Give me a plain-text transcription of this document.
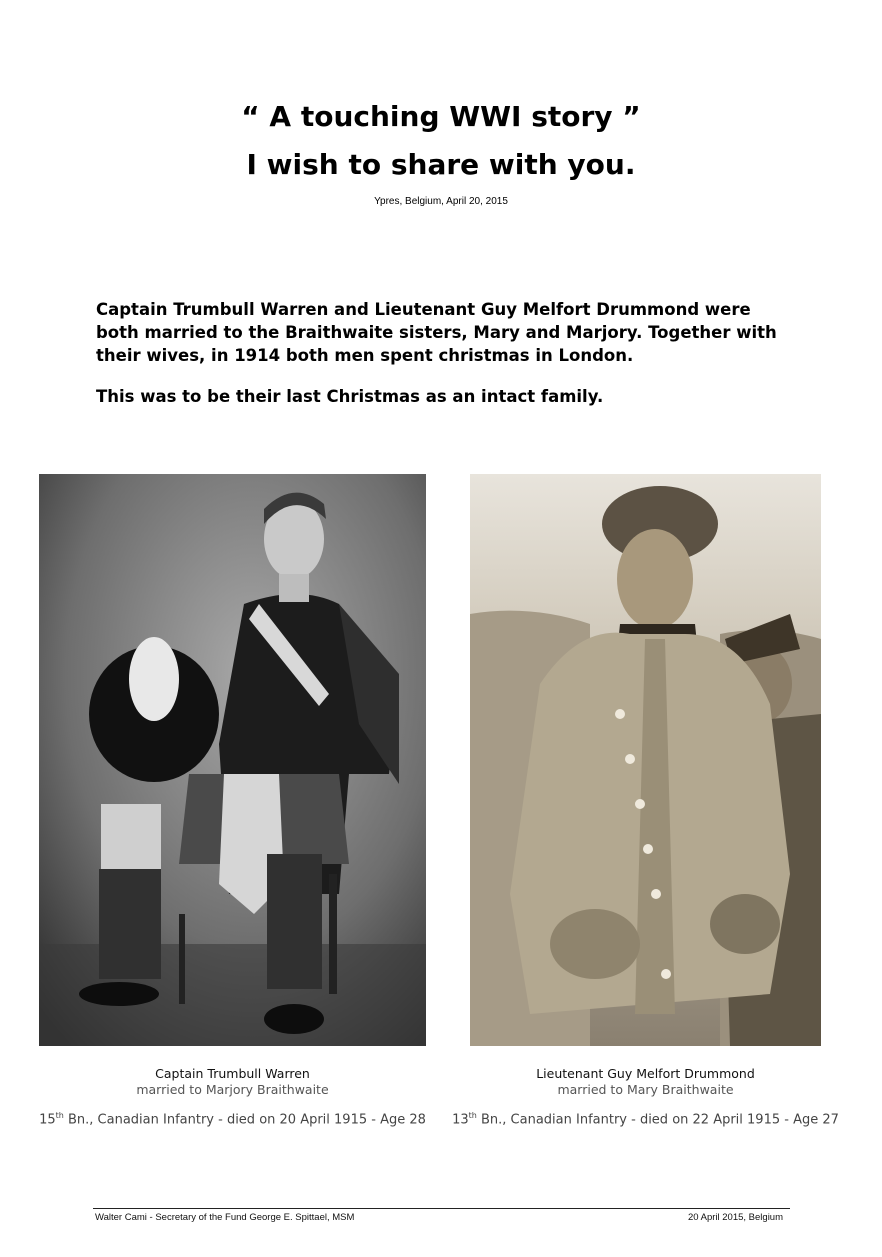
“ A touching WWI story ”
I wish to share with you.
Ypres, Belgium, April 20, 2015

Captain Trumbull Warren and Lieutenant Guy Melfort Drummond were both married to the Braithwaite sisters, Mary and Marjory. Together with their wives, in 1914 both men spent christmas in London.

This was to be their last Christmas as an intact family.

Captain Trumbull Warren
married to Marjory Braithwaite
15th Bn., Canadian Infantry - died on 20 April 1915 - Age 28
Lieutenant Guy Melfort Drummond
married to Mary Braithwaite
13th Bn., Canadian Infantry - died on 22 April 1915 - Age 27
Walter Cami - Secretary of the Fund George E. Spittael, MSM	20 April 2015, Belgium
